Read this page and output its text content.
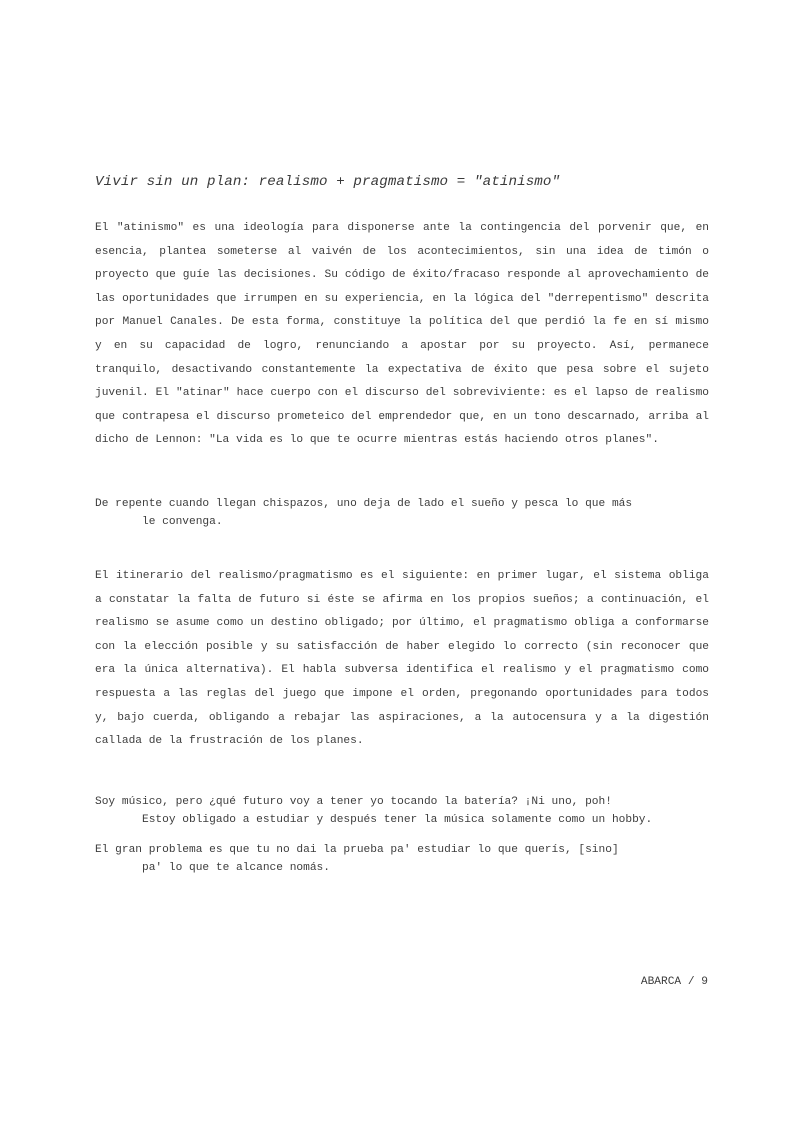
Vivir sin un plan: realismo + pragmatismo = "atinismo"
El "atinismo" es una ideología para disponerse ante la contingencia del porvenir que, en esencia, plantea someterse al vaivén de los acontecimientos, sin una idea de timón o proyecto que guíe las decisiones. Su código de éxito/fracaso responde al aprovechamiento de las oportunidades que irrumpen en su experiencia, en la lógica del "derrepentismo" descrita por Manuel Canales. De esta forma, constituye la política del que perdió la fe en sí mismo y en su capacidad de logro, renunciando a apostar por su proyecto. Así, permanece tranquilo, desactivando constantemente la expectativa de éxito que pesa sobre el sujeto juvenil. El "atinar" hace cuerpo con el discurso del sobreviviente: es el lapso de realismo que contrapesa el discurso prometeico del emprendedor que, en un tono descarnado, arriba al dicho de Lennon: "La vida es lo que te ocurre mientras estás haciendo otros planes".
De repente cuando llegan chispazos, uno deja de lado el sueño y pesca lo que más
le convenga.
El itinerario del realismo/pragmatismo es el siguiente: en primer lugar, el sistema obliga a constatar la falta de futuro si éste se afirma en los propios sueños; a continuación, el realismo se asume como un destino obligado; por último, el pragmatismo obliga a conformarse con la elección posible y su satisfacción de haber elegido lo correcto (sin reconocer que era la única alternativa). El habla subversa identifica el realismo y el pragmatismo como respuesta a las reglas del juego que impone el orden, pregonando oportunidades para todos y, bajo cuerda, obligando a rebajar las aspiraciones, a la autocensura y a la digestión callada de la frustración de los planes.
Soy músico, pero ¿qué futuro voy a tener yo tocando la batería? ¡Ni uno, poh!
Estoy obligado a estudiar y después tener la música solamente como un hobby.
El gran problema es que tu no dai la prueba pa' estudiar lo que querís, [sino]
pa' lo que te alcance nomás.
ABARCA / 9
